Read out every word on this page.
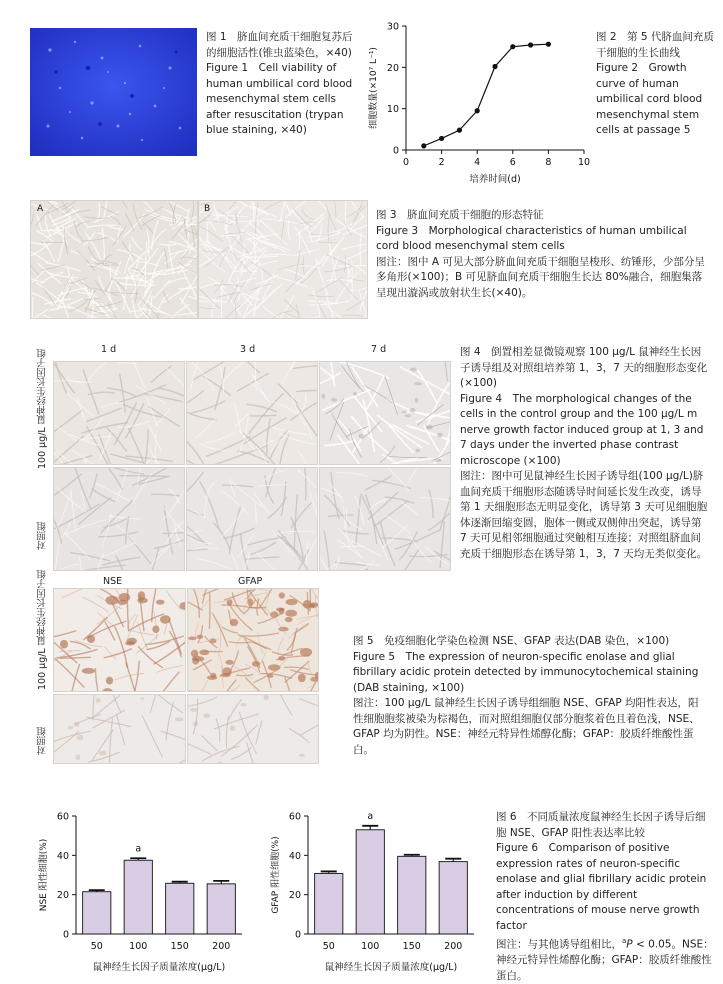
图 1　脐血间充质干细胞复苏后的细胞活性(锥虫蓝染色，×40)
Figure 1　Cell viability of human umbilical cord blood mesenchymal stem cells after resuscitation (trypan blue staining, ×40)
0
10
20
30
0	2	4	6	8	10
培养时间(d)
细胞数量(×10⁷ L⁻¹)
图 2　第 5 代脐血间充质干细胞的生长曲线
Figure 2　Growth curve of human umbilical cord blood mesenchymal stem cells at passage 5
A	B	图 3　脐血间充质干细胞的形态特征
Figure 3　Morphological characteristics of human umbilical cord blood mesenchymal stem cells
图注：图中 A 可见大部分脐血间充质干细胞呈梭形、纺锤形，少部分呈多角形(×100)；B 可见脐血间充质干细胞生长达 80%融合，细胞集落呈现出漩涡或放射状生长(×40)。
1 d	3 d	7 d
100 μg/L 鼠神经生长因子组
对照组
图 4　倒置相差显微镜观察 100 μg/L 鼠神经生长因子诱导组及对照组培养第 1，3，7 天的细胞形态变化(×100)
Figure 4　The morphological changes of the cells in the control group and the 100 μg/L m nerve growth factor induced group at 1, 3 and 7 days under the inverted phase contrast microscope (×100)
图注：图中可见鼠神经生长因子诱导组(100 μg/L)脐血间充质干细胞形态随诱导时间延长发生改变，诱导第 1 天细胞形态无明显变化，诱导第 3 天可见细胞胞体逐渐回缩变圆，胞体一侧或双侧伸出突起，诱导第 7 天可见相邻细胞通过突触相互连接；对照组脐血间充质干细胞形态在诱导第 1，3，7 天均无类似变化。
NSE	GFAP
100 μg/L 鼠神经生长因子组
对照组
图 5　免疫细胞化学染色检测 NSE、GFAP 表达(DAB 染色，×100)
Figure 5　The expression of neuron-specific enolase and glial fibrillary acidic protein detected by immunocytochemical staining (DAB staining, ×100)
图注：100 μg/L 鼠神经生长因子诱导组细胞 NSE、GFAP 均阳性表达，阳性细胞胞浆被染为棕褐色，而对照组细胞仅部分胞浆着色且着色浅，NSE、GFAP 均为阴性。NSE：神经元特异性烯醇化酶；GFAP：胶质纤维酸性蛋白。
0
20
40
60
50	100
a
150 200
鼠神经生长因子质量浓度(μg/L)
NSE 阳性细胞(%)
0
20
40
60
50	100
a
150 200
鼠神经生长因子质量浓度(μg/L)
GFAP 阳性细胞(%)
图 6　不同质量浓度鼠神经生长因子诱导后细胞 NSE、GFAP 阳性表达率比较
Figure 6　Comparison of positive expression rates of neuron-specific enolase and glial fibrillary acidic protein after induction by different concentrations of mouse nerve growth factor
图注：与其他诱导组相比，$^a$P < 0.05。NSE：神经元特异性烯醇化酶；GFAP：胶质纤维酸性蛋白。
